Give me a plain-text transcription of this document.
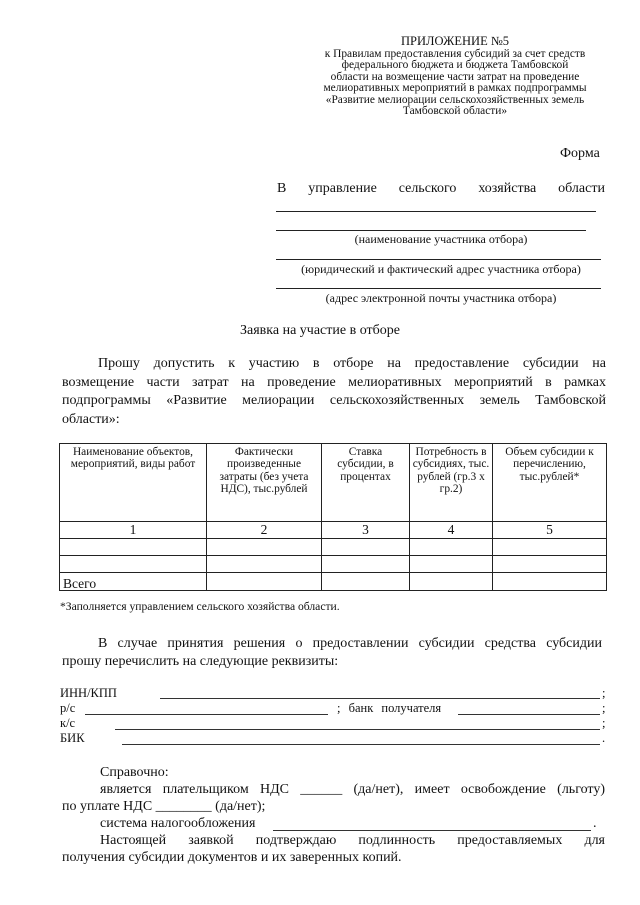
ПРИЛОЖЕНИЕ №5
к Правилам предоставления субсидий за счет средств
федерального бюджета и бюджета Тамбовской
области на возмещение части затрат на проведение
мелиоративных мероприятий в рамках подпрограммы
«Развитие мелиорации сельскохозяйственных земель
Тамбовской области»
Форма
В управление сельского хозяйства области
(наименование участника отбора)
(юридический и фактический адрес участника отбора)
(адрес электронной почты участника отбора)
Заявка на участие в отборе
Прошу допустить к участию в отборе на предоставление субсидии на
возмещение части затрат на проведение мелиоративных мероприятий в рамках
подпрограммы «Развитие мелиорации сельскохозяйственных земель Тамбовской
области»:
Наименование объектов, мероприятий, виды работ	Фактически произведенные затраты (без учета НДС), тыс.рублей	Ставка субсидии, в процентах	Потребность в субсидиях, тыс. рублей (гр.3 х гр.2)	Объем субсидии к перечислению, тыс.рублей*
1	2	3	4	5

Всего				
*Заполняется управлением сельского хозяйства области.
В случае принятия решения о предоставлении субсидии средства субсидии
прошу перечислить на следующие реквизиты:
ИНН/КПП	;
р/с	; банк получателя	;
к/с	;
БИК	.
Справочно:
является плательщиком НДС ______ (да/нет), имеет освобождение (льготу)
по уплате НДС ________ (да/нет);
система налогообложения	.
Настоящей заявкой подтверждаю подлинность предоставляемых для
получения субсидии документов и их заверенных копий.
